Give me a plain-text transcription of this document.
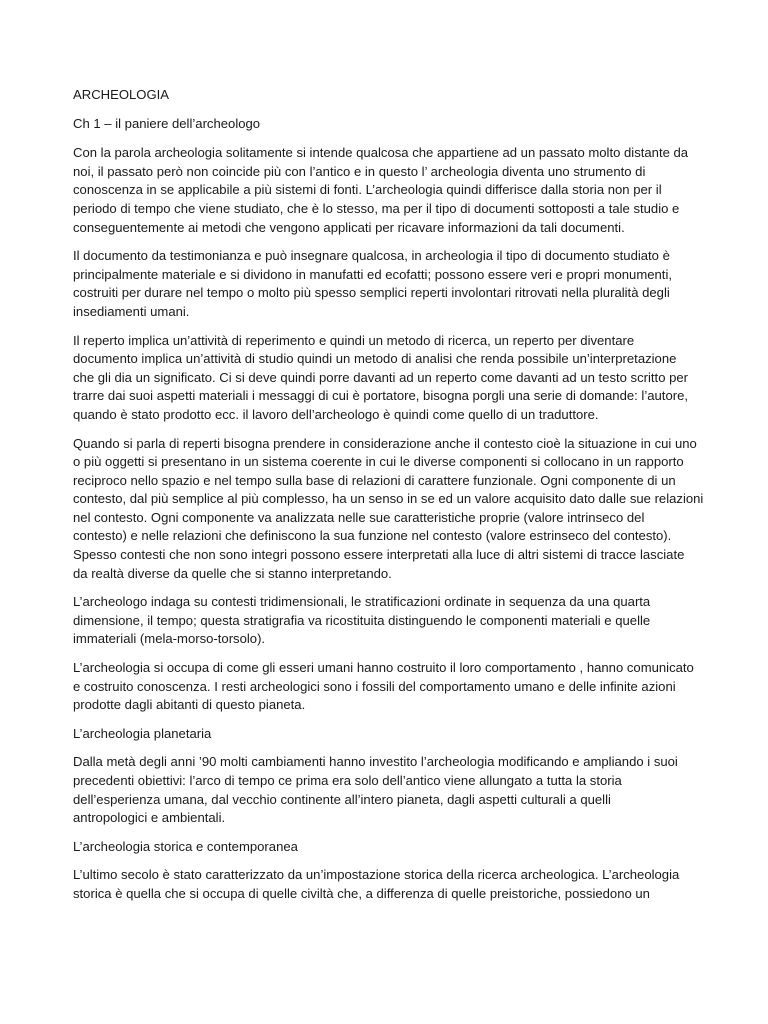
ARCHEOLOGIA
Ch 1 – il paniere dell’archeologo
Con la parola archeologia solitamente si intende qualcosa che appartiene ad un passato molto distante da
noi, il passato però non coincide più con l’antico e in questo l’ archeologia diventa uno strumento di
conoscenza in se applicabile a più sistemi di fonti. L’archeologia quindi differisce dalla storia non per il
periodo di tempo che viene studiato, che è lo stesso, ma per il tipo di documenti sottoposti a tale studio e
conseguentemente ai metodi che vengono applicati per ricavare informazioni da tali documenti.
Il documento da testimonianza e può insegnare qualcosa, in archeologia il tipo di documento studiato è
principalmente materiale e si dividono in manufatti ed ecofatti; possono essere veri e propri monumenti,
costruiti per durare nel tempo o molto più spesso semplici reperti involontari ritrovati nella pluralità degli
insediamenti umani.
Il reperto implica un’attività di reperimento e quindi un metodo di ricerca, un reperto per diventare
documento implica un’attività di studio quindi un metodo di analisi che renda possibile un’interpretazione
che gli dia un significato. Ci si deve quindi porre davanti ad un reperto come davanti ad un testo scritto per
trarre dai suoi aspetti materiali i messaggi di cui è portatore, bisogna porgli una serie di domande: l’autore,
quando è stato prodotto ecc. il lavoro dell’archeologo è quindi come quello di un traduttore.
Quando si parla di reperti bisogna prendere in considerazione anche il contesto cioè la situazione in cui uno
o più oggetti si presentano in un sistema coerente in cui le diverse componenti si collocano in un rapporto
reciproco nello spazio e nel tempo sulla base di relazioni di carattere funzionale. Ogni componente di un
contesto, dal più semplice al più complesso, ha un senso in se ed un valore acquisito dato dalle sue relazioni
nel contesto. Ogni componente va analizzata nelle sue caratteristiche proprie (valore intrinseco del
contesto) e nelle relazioni che definiscono la sua funzione nel contesto (valore estrinseco del contesto).
Spesso contesti che non sono integri possono essere interpretati alla luce di altri sistemi di tracce lasciate
da realtà diverse da quelle che si stanno interpretando.
L’archeologo indaga su contesti tridimensionali, le stratificazioni ordinate in sequenza da una quarta
dimensione, il tempo; questa stratigrafia va ricostituita distinguendo le componenti materiali e quelle
immateriali (mela-morso-torsolo).
L’archeologia si occupa di come gli esseri umani hanno costruito il loro comportamento , hanno comunicato
e costruito conoscenza. I resti archeologici sono i fossili del comportamento umano e delle infinite azioni
prodotte dagli abitanti di questo pianeta.
L’archeologia planetaria
Dalla metà degli anni ’90 molti cambiamenti hanno investito l’archeologia modificando e ampliando i suoi
precedenti obiettivi: l’arco di tempo ce prima era solo dell’antico viene allungato a tutta la storia
dell’esperienza umana, dal vecchio continente all’intero pianeta, dagli aspetti culturali a quelli
antropologici e ambientali.
L’archeologia storica e contemporanea
L’ultimo secolo è stato caratterizzato da un’impostazione storica della ricerca archeologica. L’archeologia
storica è quella che si occupa di quelle civiltà che, a differenza di quelle preistoriche, possiedono un
